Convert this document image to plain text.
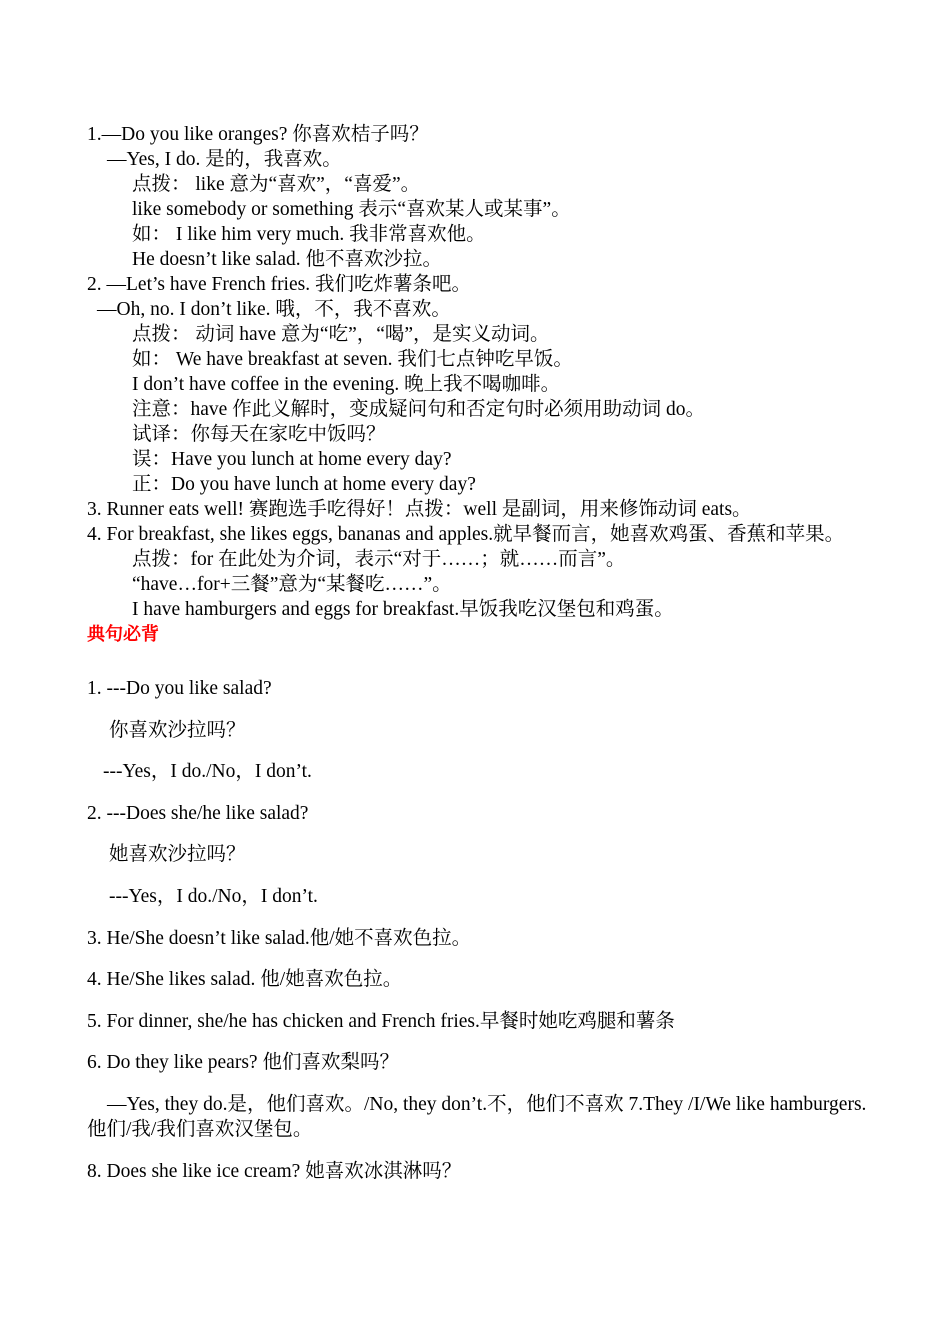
1.—Do you like oranges? 你喜欢桔子吗？
—Yes, I do. 是的，我喜欢。
点拨： like 意为“喜欢”，“喜爱”。
like somebody or something 表示“喜欢某人或某事”。
如： I like him very much. 我非常喜欢他。
He doesn’t like salad. 他不喜欢沙拉。
2. —Let’s have French fries. 我们吃炸薯条吧。
—Oh, no. I don’t like. 哦，不，我不喜欢。
点拨： 动词 have 意为“吃”，“喝”，是实义动词。
如： We have breakfast at seven. 我们七点钟吃早饭。
I don’t have coffee in the evening. 晚上我不喝咖啡。
注意：have 作此义解时，变成疑问句和否定句时必须用助动词 do。
试译：你每天在家吃中饭吗？
误：Have you lunch at home every day?
正：Do you have lunch at home every day?
3. Runner eats well! 赛跑选手吃得好！点拨：well 是副词，用来修饰动词 eats。
4. For breakfast, she likes eggs, bananas and apples.就早餐而言，她喜欢鸡蛋、香蕉和苹果。
点拨：for 在此处为介词，表示“对于……；就……而言”。
“have…for+三餐”意为“某餐吃……”。
I have hamburgers and eggs for breakfast.早饭我吃汉堡包和鸡蛋。
典句必背
1. ---Do you like salad?
你喜欢沙拉吗？
---Yes，I do./No，I don’t.
2. ---Does she/he like salad?
她喜欢沙拉吗？
---Yes，I do./No，I don’t.
3. He/She doesn’t like salad.他/她不喜欢色拉。
4. He/She likes salad. 他/她喜欢色拉。
5. For dinner, she/he has chicken and French fries.早餐时她吃鸡腿和薯条
6. Do they like pears? 他们喜欢梨吗？
—Yes, they do.是，他们喜欢。/No, they don’t.不，他们不喜欢 7.They /I/We like hamburgers.他们/我/我们喜欢汉堡包。
8. Does she like ice cream? 她喜欢冰淇淋吗？
